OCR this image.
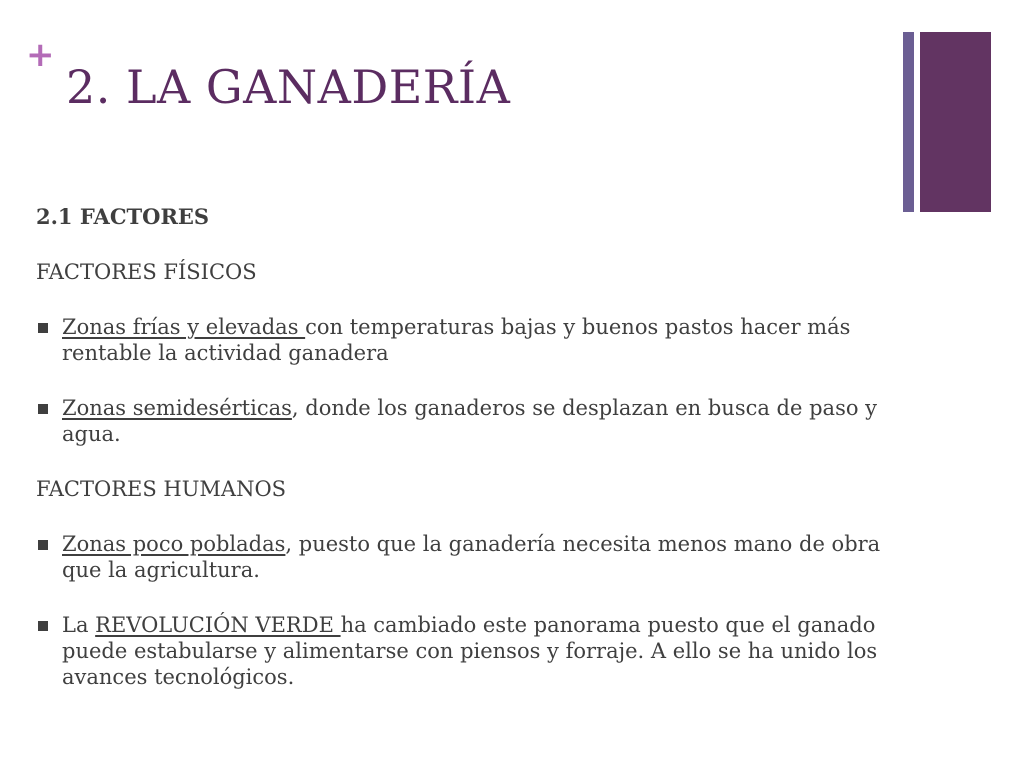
+
2. LA GANADERÍA

2.1 FACTORES

FACTORES FÍSICOS

Zonas frías y elevadas con temperaturas bajas y buenos pastos hacer más rentable la actividad ganadera

Zonas semidesérticas, donde los ganaderos se desplazan en busca de paso y agua.

FACTORES HUMANOS

Zonas poco pobladas, puesto que la ganadería necesita menos mano de obra que la agricultura.

La REVOLUCIÓN VERDE ha cambiado este panorama puesto que el ganado puede estabularse y alimentarse con piensos y forraje. A ello se ha unido los avances tecnológicos.
